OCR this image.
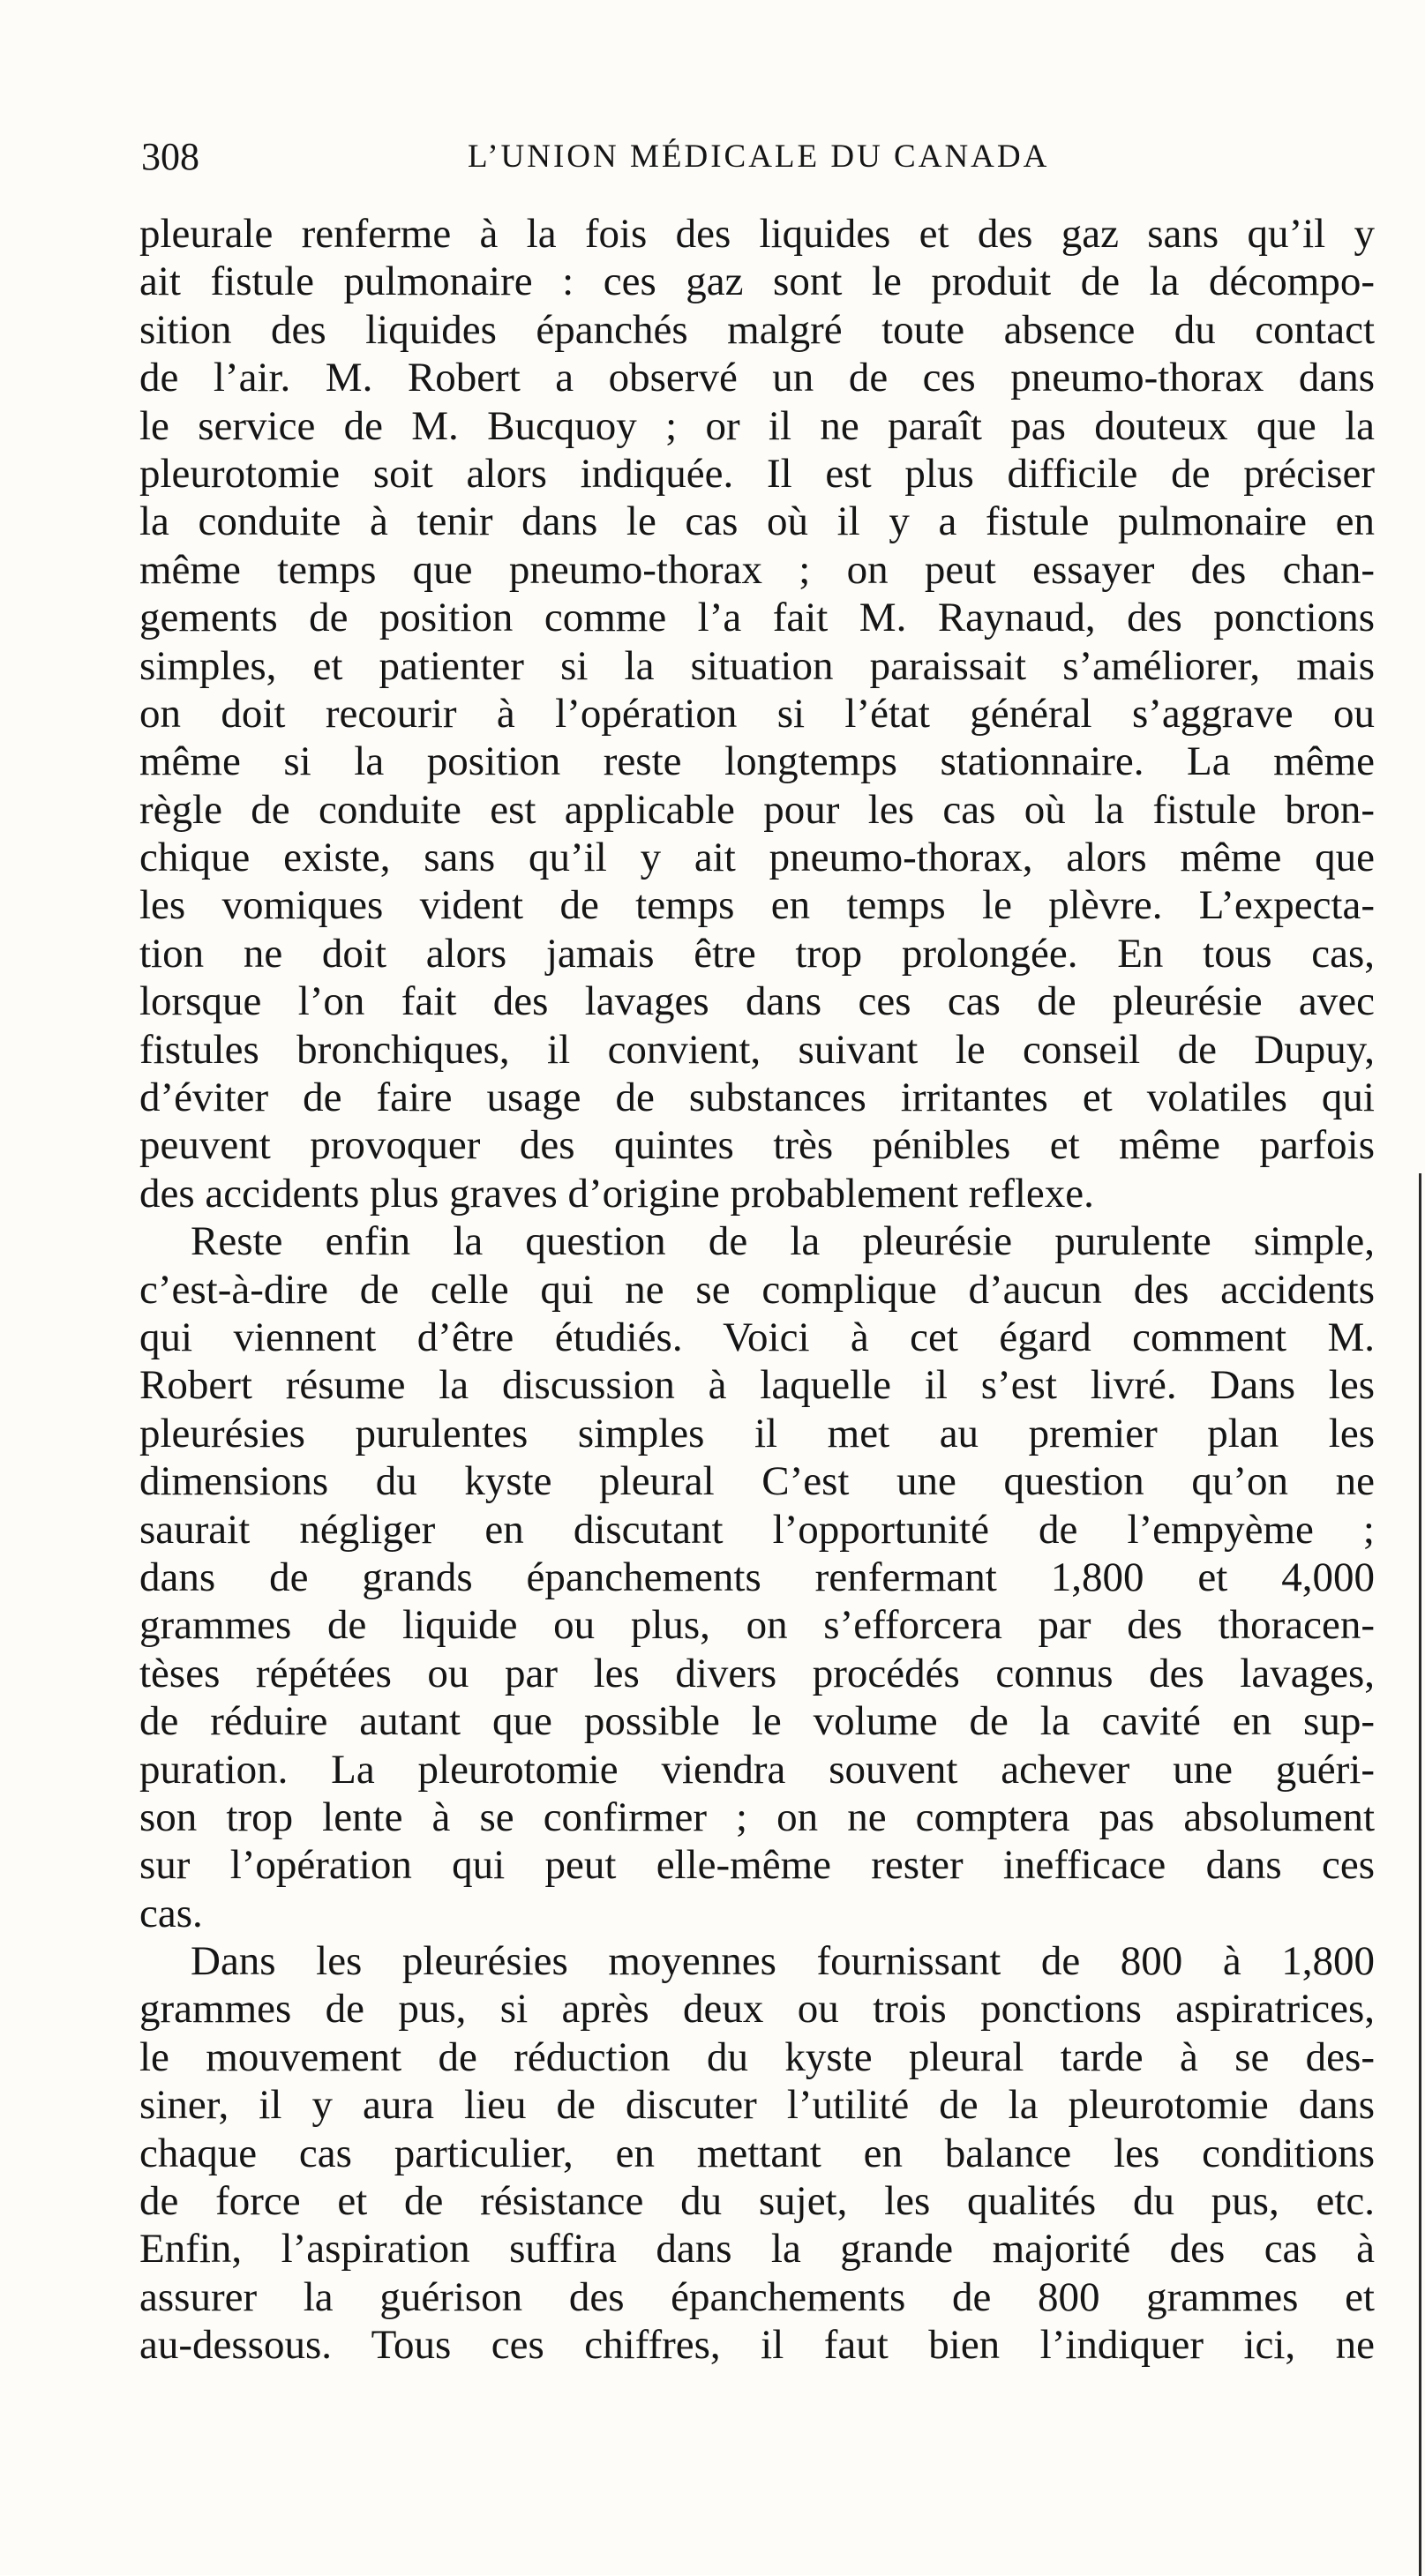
308	L’UNION MÉDICALE DU CANADA
pleurale renferme à la fois des liquides et des gaz sans qu’il y
ait fistule pulmonaire : ces gaz sont le produit de la décompo-
sition des liquides épanchés malgré toute absence du contact
de l’air. M. Robert a observé un de ces pneumo-thorax dans
le service de M. Bucquoy ; or il ne paraît pas douteux que la
pleurotomie soit alors indiquée. Il est plus difficile de préciser
la conduite à tenir dans le cas où il y a fistule pulmonaire en
même temps que pneumo-thorax ; on peut essayer des chan-
gements de position comme l’a fait M. Raynaud, des ponctions
simples, et patienter si la situation paraissait s’améliorer, mais
on doit recourir à l’opération si l’état général s’aggrave ou
même si la position reste longtemps stationnaire. La même
règle de conduite est applicable pour les cas où la fistule bron-
chique existe, sans qu’il y ait pneumo-thorax, alors même que
les vomiques vident de temps en temps le plèvre. L’expecta-
tion ne doit alors jamais être trop prolongée. En tous cas,
lorsque l’on fait des lavages dans ces cas de pleurésie avec
fistules bronchiques, il convient, suivant le conseil de Dupuy,
d’éviter de faire usage de substances irritantes et volatiles qui
peuvent provoquer des quintes très pénibles et même parfois
des accidents plus graves d’origine probablement reflexe.
Reste enfin la question de la pleurésie purulente simple,
c’est-à-dire de celle qui ne se complique d’aucun des accidents
qui viennent d’être étudiés. Voici à cet égard comment M.
Robert résume la discussion à laquelle il s’est livré. Dans les
pleurésies purulentes simples il met au premier plan les
dimensions du kyste pleural C’est une question qu’on ne
saurait négliger en discutant l’opportunité de l’empyème ;
dans de grands épanchements renfermant 1,800 et 4,000
grammes de liquide ou plus, on s’efforcera par des thoracen-
tèses répétées ou par les divers procédés connus des lavages,
de réduire autant que possible le volume de la cavité en sup-
puration. La pleurotomie viendra souvent achever une guéri-
son trop lente à se confirmer ; on ne comptera pas absolument
sur l’opération qui peut elle-même rester inefficace dans ces
cas.
Dans les pleurésies moyennes fournissant de 800 à 1,800
grammes de pus, si après deux ou trois ponctions aspiratrices,
le mouvement de réduction du kyste pleural tarde à se des-
siner, il y aura lieu de discuter l’utilité de la pleurotomie dans
chaque cas particulier, en mettant en balance les conditions
de force et de résistance du sujet, les qualités du pus, etc.
Enfin, l’aspiration suffira dans la grande majorité des cas à
assurer la guérison des épanchements de 800 grammes et
au-dessous. Tous ces chiffres, il faut bien l’indiquer ici, ne
